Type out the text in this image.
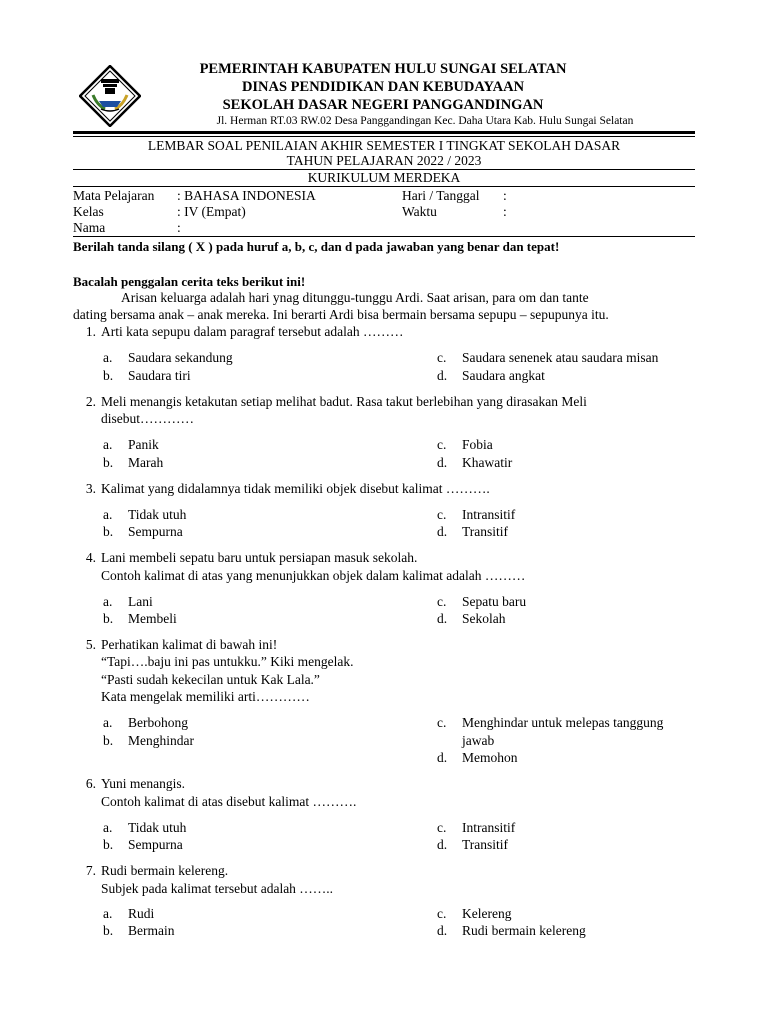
PEMERINTAH KABUPATEN HULU SUNGAI SELATAN
DINAS PENDIDIKAN DAN KEBUDAYAAN
SEKOLAH DASAR NEGERI PANGGANDINGAN
Jl. Herman RT.03 RW.02 Desa Panggandingan Kec. Daha Utara Kab. Hulu Sungai Selatan
LEMBAR SOAL PENILAIAN AKHIR SEMESTER I TINGKAT SEKOLAH DASAR
TAHUN PELAJARAN 2022 / 2023
KURIKULUM MERDEKA
Mata Pelajaran : BAHASA INDONESIA	Hari / Tanggal :
Kelas	: IV (Empat)	Waktu	:
Nama	:
Berilah tanda silang ( X ) pada huruf a, b, c, dan d pada jawaban yang benar dan tepat!
Bacalah penggalan cerita teks berikut ini!
Arisan keluarga adalah hari ynag ditunggu-tunggu Ardi. Saat arisan, para om dan tante
dating bersama anak – anak mereka. Ini berarti Ardi bisa bermain bersama sepupu – sepupunya itu.
1. Arti kata sepupu dalam paragraf tersebut adalah ………
a. Saudara sekandung
b. Saudara tiri
c. Saudara senenek atau saudara misan
d. Saudara angkat
2. Meli menangis ketakutan setiap melihat badut. Rasa takut berlebihan yang dirasakan Meli
disebut…………
a. Panik
b. Marah
c. Fobia
d. Khawatir
3. Kalimat yang didalamnya tidak memiliki objek disebut kalimat ……….
a. Tidak utuh
b. Sempurna
c. Intransitif
d. Transitif
4. Lani membeli sepatu baru untuk persiapan masuk sekolah.
Contoh kalimat di atas yang menunjukkan objek dalam kalimat adalah ………
a. Lani
b. Membeli
c. Sepatu baru
d. Sekolah
5. Perhatikan kalimat di bawah ini!
“Tapi….baju ini pas untukku.” Kiki mengelak.
“Pasti sudah kekecilan untuk Kak Lala.”
Kata mengelak memiliki arti…………
a. Berbohong
b. Menghindar
c. Menghindar untuk melepas tanggung
jawab
d. Memohon
6. Yuni menangis.
Contoh kalimat di atas disebut kalimat ……….
a. Tidak utuh
b. Sempurna
c. Intransitif
d. Transitif
7. Rudi bermain kelereng.
Subjek pada kalimat tersebut adalah ……..
a. Rudi
b. Bermain
c. Kelereng
d. Rudi bermain kelereng
